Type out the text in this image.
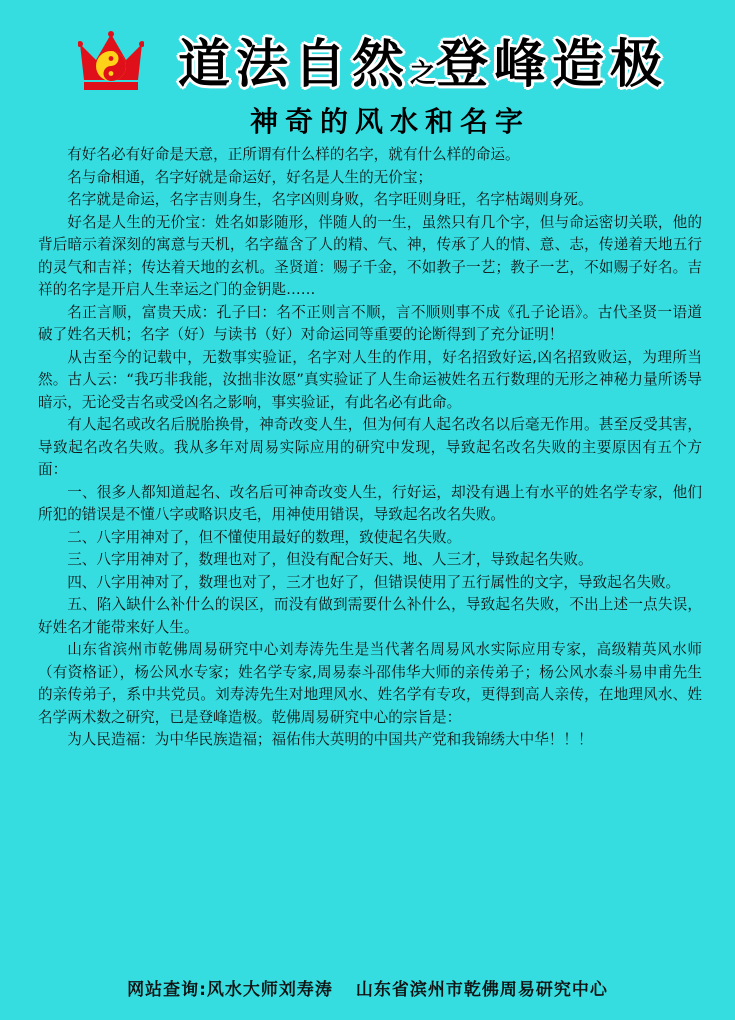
道法自然之登峰造极
神奇的风水和名字

有好名必有好命是天意，正所谓有什么样的名字，就有什么样的命运。

名与命相通，名字好就是命运好，好名是人生的无价宝；

名字就是命运，名字吉则身生，名字凶则身败，名字旺则身旺，名字枯竭则身死。

好名是人生的无价宝：姓名如影随形，伴随人的一生，虽然只有几个字，但与命运密切关联，他的背后暗示着深刻的寓意与天机，名字蕴含了人的精、气、神，传承了人的情、意、志，传递着天地五行的灵气和吉祥；传达着天地的玄机。圣贤道：赐子千金，不如教子一艺；教子一艺，不如赐子好名。吉祥的名字是开启人生幸运之门的金钥匙……

名正言顺，富贵天成：孔子曰：名不正则言不顺，言不顺则事不成《孔子论语》。古代圣贤一语道破了姓名天机；名字（好）与读书（好）对命运同等重要的论断得到了充分证明！

从古至今的记载中，无数事实验证，名字对人生的作用，好名招致好运,凶名招致败运，为理所当然。古人云：“我巧非我能，汝拙非汝愿”真实验证了人生命运被姓名五行数理的无形之神秘力量所诱导暗示，无论受吉名或受凶名之影响，事实验证，有此名必有此命。

有人起名或改名后脱胎换骨，神奇改变人生，但为何有人起名改名以后毫无作用。甚至反受其害，导致起名改名失败。我从多年对周易实际应用的研究中发现，导致起名改名失败的主要原因有五个方面：

一、很多人都知道起名、改名后可神奇改变人生，行好运，却没有遇上有水平的姓名学专家，他们所犯的错误是不懂八字或略识皮毛，用神使用错误，导致起名改名失败。

二、八字用神对了，但不懂使用最好的数理，致使起名失败。

三、八字用神对了，数理也对了，但没有配合好天、地、人三才，导致起名失败。

四、八字用神对了，数理也对了，三才也好了，但错误使用了五行属性的文字，导致起名失败。

五、陷入缺什么补什么的误区，而没有做到需要什么补什么，导致起名失败，不出上述一点失误，好姓名才能带来好人生。

山东省滨州市乾佛周易研究中心刘寿涛先生是当代著名周易风水实际应用专家，高级精英风水师（有资格证），杨公风水专家；姓名学专家,周易泰斗邵伟华大师的亲传弟子；杨公风水泰斗易申甫先生的亲传弟子，系中共党员。刘寿涛先生对地理风水、姓名学有专攻，更得到高人亲传，在地理风水、姓名学两术数之研究，已是登峰造极。乾佛周易研究中心的宗旨是：

为人民造福：为中华民族造福；福佑伟大英明的中国共产党和我锦绣大中华！！！

网站查询:风水大师刘寿涛 山东省滨州市乾佛周易研究中心
